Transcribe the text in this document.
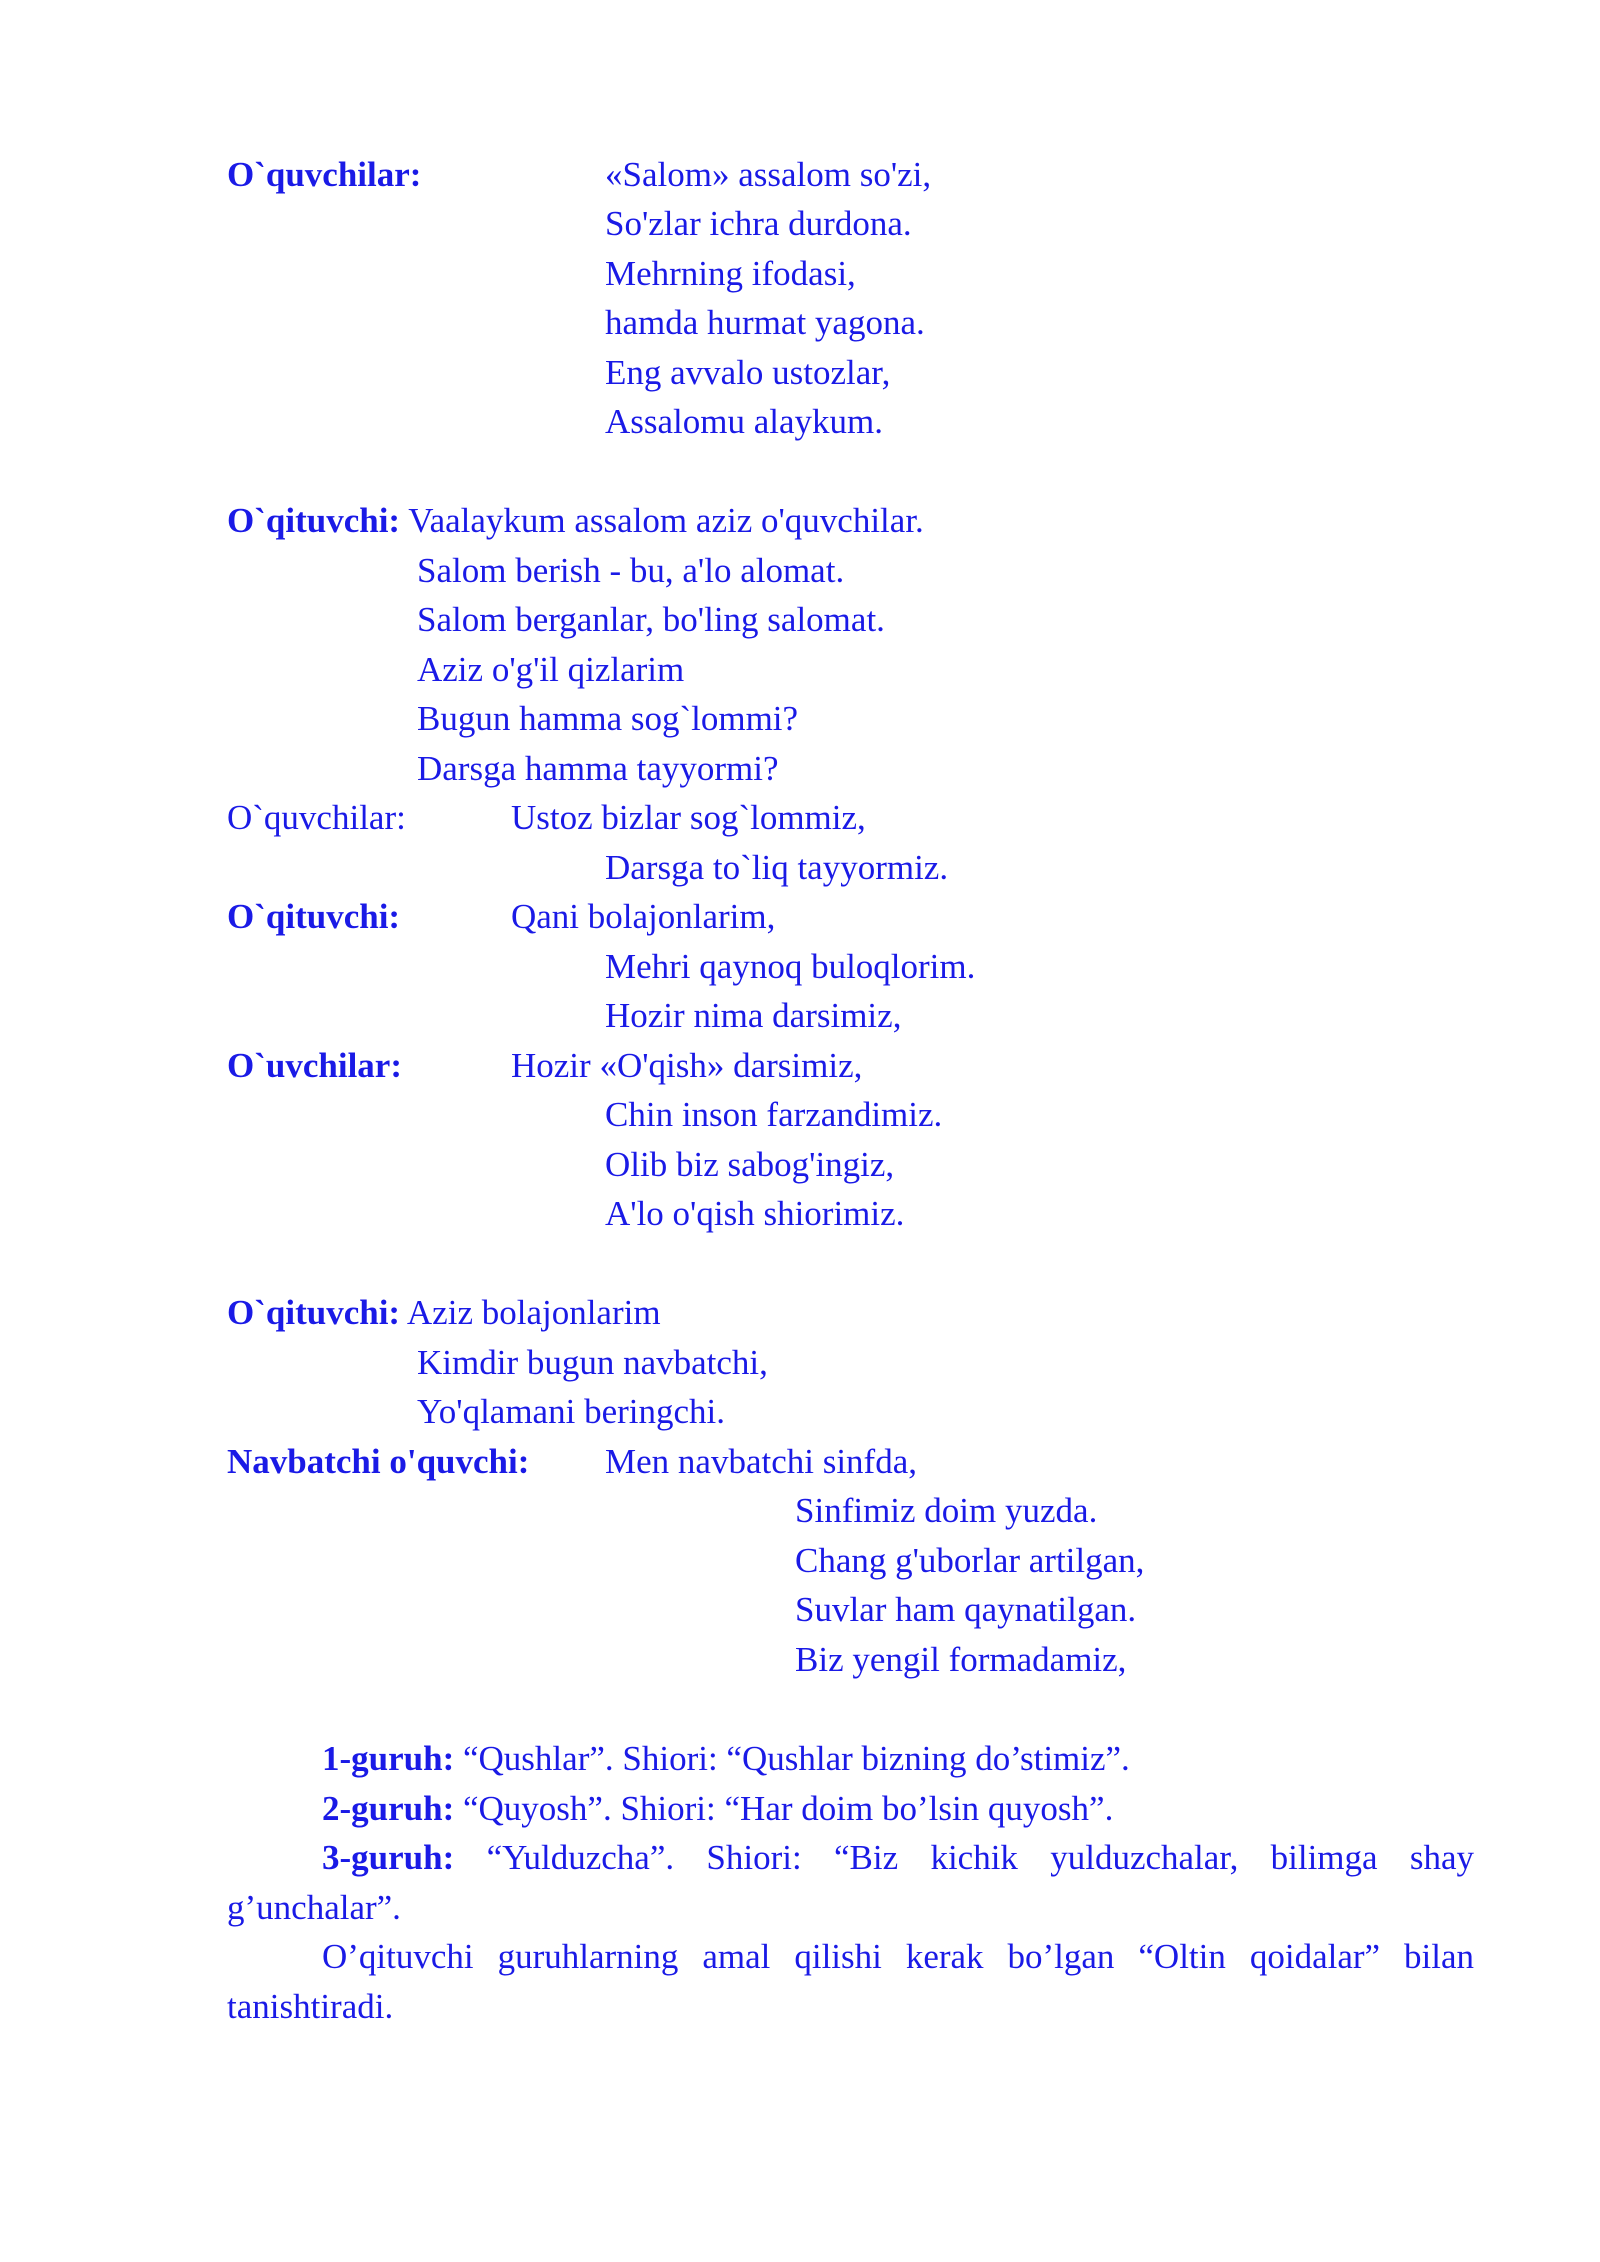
O`quvchilar:	«Salom» assalom so'zi,
So'zlar ichra durdona.
Mehrning ifodasi,
hamda hurmat yagona.
Eng avvalo ustozlar,
Assalomu alaykum.
O`qituvchi: Vaalaykum assalom aziz o'quvchilar.
Salom berish - bu, a'lo alomat.
Salom berganlar, bo'ling salomat.
Aziz o'g'il qizlarim
Bugun hamma sog`lommi?
Darsga hamma tayyormi?
O`quvchilar:	Ustoz bizlar sog`lommiz,
Darsga to`liq tayyormiz.
O`qituvchi:	Qani bolajonlarim,
Mehri qaynoq buloqlorim.
Hozir nima darsimiz,
O`uvchilar:	Hozir «O'qish» darsimiz,
Chin inson farzandimiz.
Olib biz sabog'ingiz,
A'lo o'qish shiorimiz.
O`qituvchi: Aziz bolajonlarim
Kimdir bugun navbatchi,
Yo'qlamani beringchi.
Navbatchi o'quvchi: Men navbatchi sinfda,
Sinfimiz doim yuzda.
Chang g'uborlar artilgan,
Suvlar ham qaynatilgan.
Biz yengil formadamiz,

1-guruh: “Qushlar”. Shiori: “Qushlar bizning do’stimiz”.

2-guruh: “Quyosh”. Shiori: “Har doim bo’lsin quyosh”.

3-guruh: “Yulduzcha”. Shiori: “Biz kichik yulduzchalar, bilimga shay g’unchalar”.

O’qituvchi guruhlarning amal qilishi kerak bo’lgan “Oltin qoidalar” bilan tanishtiradi.
